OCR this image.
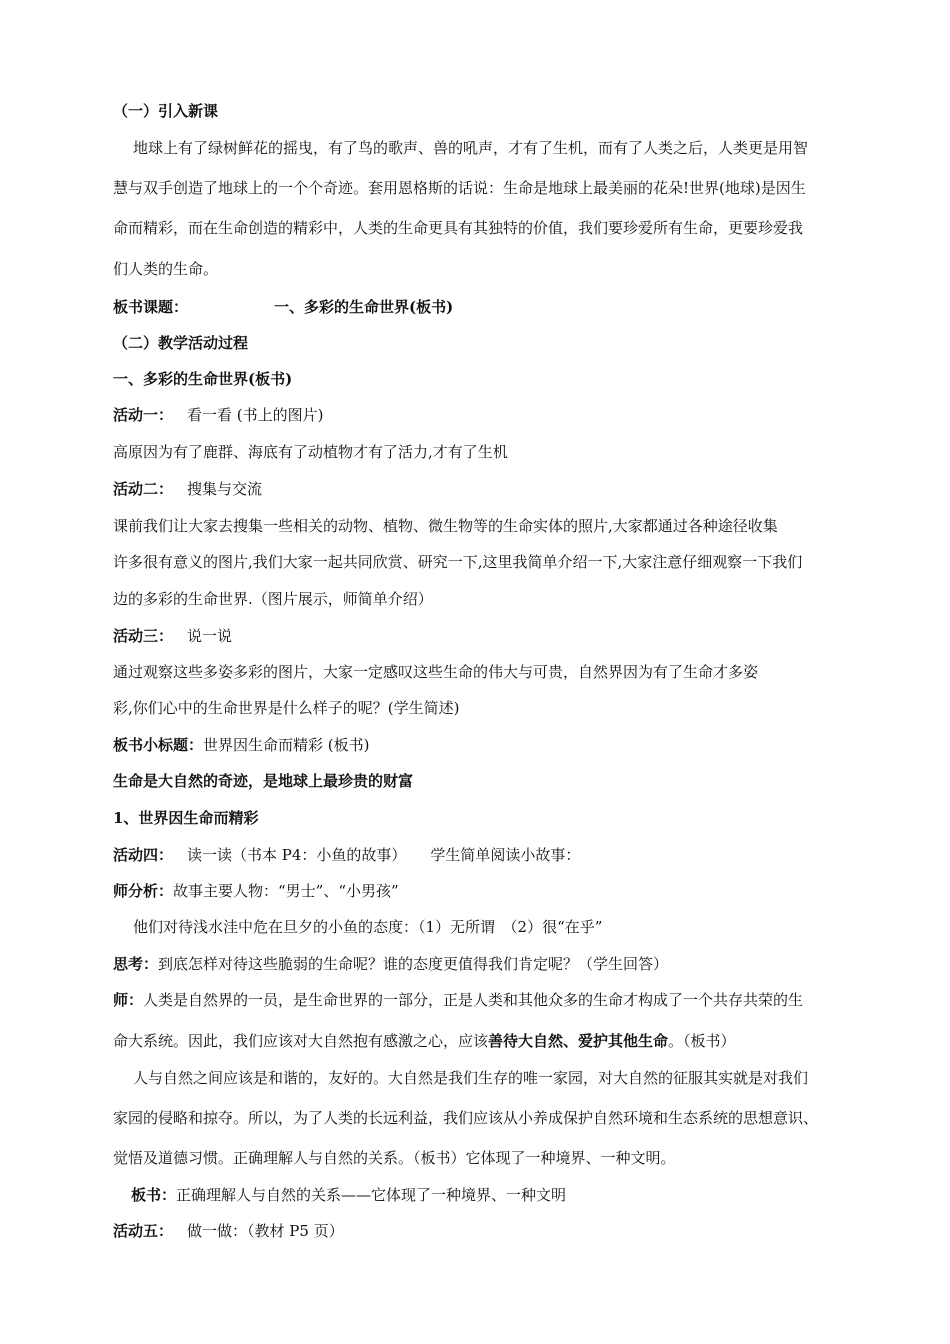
（一）引入新课
地球上有了绿树鲜花的摇曳，有了鸟的歌声、兽的吼声，才有了生机，而有了人类之后，人类更是用智
慧与双手创造了地球上的一个个奇迹。套用恩格斯的话说：生命是地球上最美丽的花朵!世界(地球)是因生
命而精彩，而在生命创造的精彩中，人类的生命更具有其独特的价值，我们要珍爱所有生命，更要珍爱我
们人类的生命。
板书课题：	一、多彩的生命世界(板书)
（二）教学活动过程
一、多彩的生命世界(板书)
活动一： 看一看 (书上的图片)
高原因为有了鹿群、海底有了动植物才有了活力,才有了生机
活动二： 搜集与交流
课前我们让大家去搜集一些相关的动物、植物、微生物等的生命实体的照片,大家都通过各种途径收集
许多很有意义的图片,我们大家一起共同欣赏、研究一下,这里我简单介绍一下,大家注意仔细观察一下我们
边的多彩的生命世界.（图片展示，师简单介绍）
活动三： 说一说
通过观察这些多姿多彩的图片，大家一定感叹这些生命的伟大与可贵，自然界因为有了生命才多姿
彩,你们心中的生命世界是什么样子的呢？(学生简述)
板书小标题：世界因生命而精彩 (板书)
生命是大自然的奇迹，是地球上最珍贵的财富
1、世界因生命而精彩
活动四： 读一读（书本 P4：小鱼的故事） 学生简单阅读小故事：
师分析：故事主要人物：“男士”、“小男孩”
他们对待浅水洼中危在旦夕的小鱼的态度：（1）无所谓　（2）很“在乎”
思考：到底怎样对待这些脆弱的生命呢？谁的态度更值得我们肯定呢？（学生回答）
师：人类是自然界的一员，是生命世界的一部分，正是人类和其他众多的生命才构成了一个共存共荣的生
命大系统。因此，我们应该对大自然抱有感激之心，应该善待大自然、爱护其他生命。（板书）
人与自然之间应该是和谐的，友好的。大自然是我们生存的唯一家园，对大自然的征服其实就是对我们
家园的侵略和掠夺。所以，为了人类的长远利益，我们应该从小养成保护自然环境和生态系统的思想意识、
觉悟及道德习惯。正确理解人与自然的关系。（板书）它体现了一种境界、一种文明。
板书：正确理解人与自然的关系——它体现了一种境界、一种文明
活动五： 做一做：（教材 P5 页）
